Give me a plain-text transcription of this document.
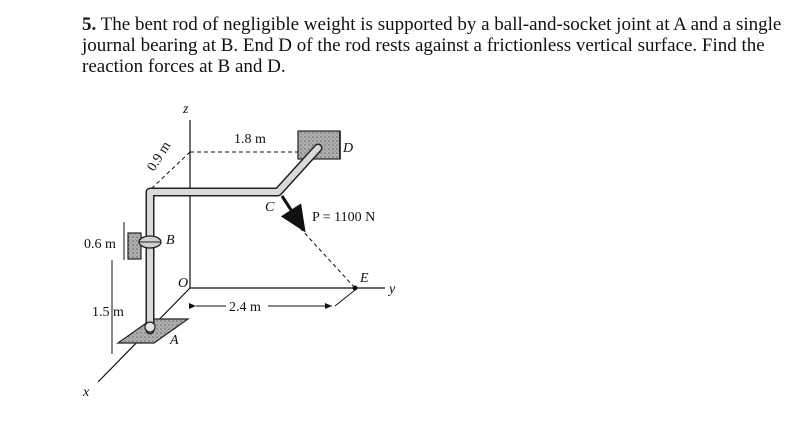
5. The bent rod of negligible weight is supported by a ball-and-socket joint at A and a single journal bearing at B. End D of the rod rests against a frictionless vertical surface. Find the reaction forces at B and D.
z
x
y
O
A
B
C
D
E
1.8 m
0.9 m
0.6 m
1.5 m	2.4 m
P = 1100 N
